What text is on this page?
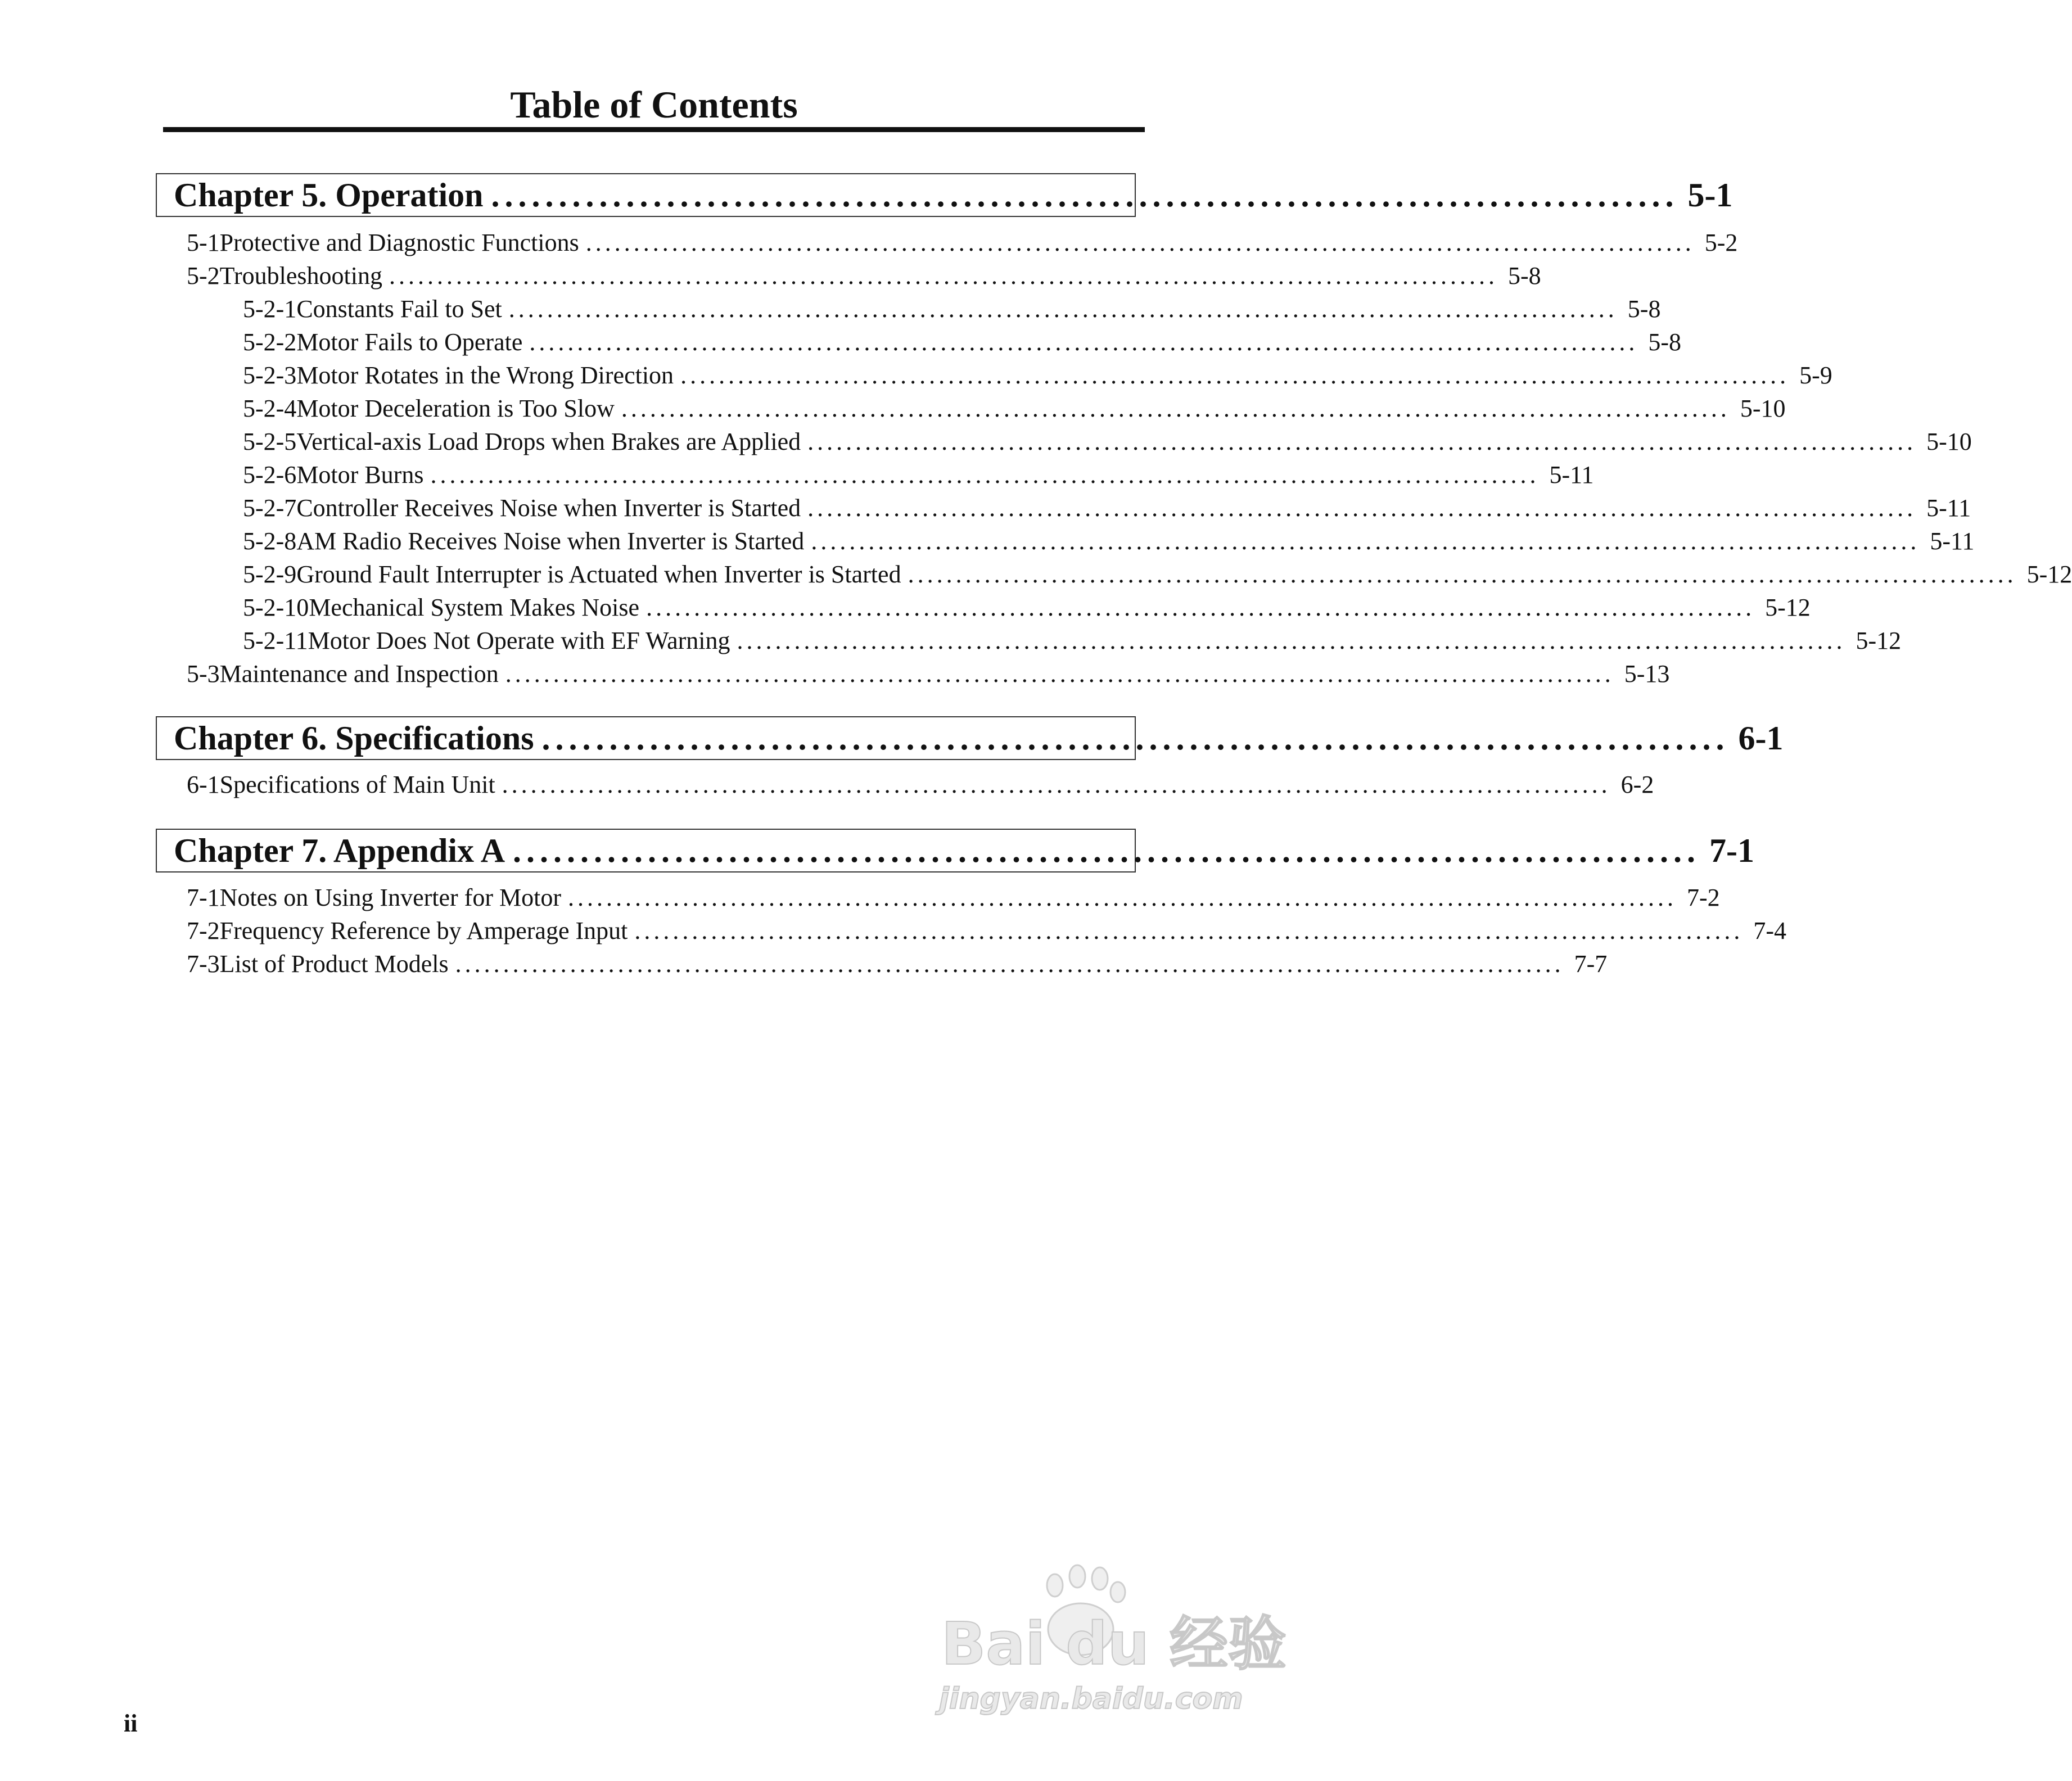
Table of Contents
Chapter 5. Operation ........................................................................................ 5-1
5-1 Protective and Diagnostic Functions .................................................................................................................... 5-2
5-2 Troubleshooting .................................................................................................................... 5-8
5-2-1 Constants Fail to Set .................................................................................................................... 5-8
5-2-2 Motor Fails to Operate .................................................................................................................... 5-8
5-2-3 Motor Rotates in the Wrong Direction .................................................................................................................... 5-9
5-2-4 Motor Deceleration is Too Slow .................................................................................................................... 5-10
5-2-5 Vertical-axis Load Drops when Brakes are Applied .................................................................................................................... 5-10
5-2-6 Motor Burns .................................................................................................................... 5-11
5-2-7 Controller Receives Noise when Inverter is Started .................................................................................................................... 5-11
5-2-8 AM Radio Receives Noise when Inverter is Started .................................................................................................................... 5-11
5-2-9 Ground Fault Interrupter is Actuated when Inverter is Started .................................................................................................................... 5-12
5-2-10 Mechanical System Makes Noise .................................................................................................................... 5-12
5-2-11 Motor Does Not Operate with EF Warning .................................................................................................................... 5-12
5-3 Maintenance and Inspection .................................................................................................................... 5-13
Chapter 6. Specifications ........................................................................................ 6-1
6-1 Specifications of Main Unit .................................................................................................................... 6-2
Chapter 7. Appendix A ........................................................................................ 7-1
7-1 Notes on Using Inverter for Motor .................................................................................................................... 7-2
7-2 Frequency Reference by Amperage Input .................................................................................................................... 7-4
7-3 List of Product Models .................................................................................................................... 7-7
ii
Bai du 经验
jingyan.baidu.com
